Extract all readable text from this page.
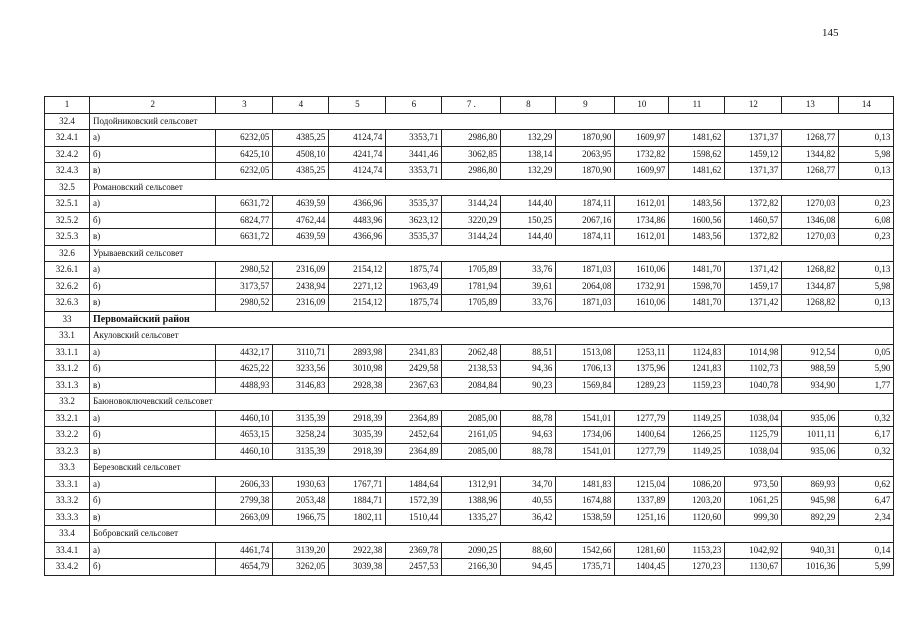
145
1	2	3	4	5	6	7 .	8	9	10	11	12	13	14
32.4	Подойниковский сельсовет												
32.4.1	а)	6232,05	4385,25	4124,74	3353,71	2986,80	132,29	1870,90	1609,97	1481,62	1371,37	1268,77	0,13
32.4.2	б)	6425,10	4508,10	4241,74	3441,46	3062,85	138,14	2063,95	1732,82	1598,62	1459,12	1344,82	5,98
32.4.3	в)	6232,05	4385,25	4124,74	3353,71	2986,80	132,29	1870,90	1609,97	1481,62	1371,37	1268,77	0,13
32.5	Романовский сельсовет												
32.5.1	а)	6631,72	4639,59	4366,96	3535,37	3144,24	144,40	1874,11	1612,01	1483,56	1372,82	1270,03	0,23
32.5.2	б)	6824,77	4762,44	4483,96	3623,12	3220,29	150,25	2067,16	1734,86	1600,56	1460,57	1346,08	6,08
32.5.3	в)	6631,72	4639,59	4366,96	3535,37	3144,24	144,40	1874,11	1612,01	1483,56	1372,82	1270,03	0,23
32.6	Урывaевский сельсовет												
32.6.1	а)	2980,52	2316,09	2154,12	1875,74	1705,89	33,76	1871,03	1610,06	1481,70	1371,42	1268,82	0,13
32.6.2	б)	3173,57	2438,94	2271,12	1963,49	1781,94	39,61	2064,08	1732,91	1598,70	1459,17	1344,87	5,98
32.6.3	в)	2980,52	2316,09	2154,12	1875,74	1705,89	33,76	1871,03	1610,06	1481,70	1371,42	1268,82	0,13
33	Первомайский район												
33.1	Акуловский сельсовет												
33.1.1	а)	4432,17	3110,71	2893,98	2341,83	2062,48	88,51	1513,08	1253,11	1124,83	1014,98	912,54	0,05
33.1.2	б)	4625,22	3233,56	3010,98	2429,58	2138,53	94,36	1706,13	1375,96	1241,83	1102,73	988,59	5,90
33.1.3	в)	4488,93	3146,83	2928,38	2367,63	2084,84	90,23	1569,84	1289,23	1159,23	1040,78	934,90	1,77
33.2	Баюновоключевский сельсовет												
33.2.1	а)	4460,10	3135,39	2918,39	2364,89	2085,00	88,78	1541,01	1277,79	1149,25	1038,04	935,06	0,32
33.2.2	б)	4653,15	3258,24	3035,39	2452,64	2161,05	94,63	1734,06	1400,64	1266,25	1125,79	1011,11	6,17
33.2.3	в)	4460,10	3135,39	2918,39	2364,89	2085,00	88,78	1541,01	1277,79	1149,25	1038,04	935,06	0,32
33.3	Березовский сельсовет												
33.3.1	а)	2606,33	1930,63	1767,71	1484,64	1312,91	34,70	1481,83	1215,04	1086,20	973,50	869,93	0,62
33.3.2	б)	2799,38	2053,48	1884,71	1572,39	1388,96	40,55	1674,88	1337,89	1203,20	1061,25	945,98	6,47
33.3.3	в)	2663,09	1966,75	1802,11	1510,44	1335,27	36,42	1538,59	1251,16	1120,60	999,30	892,29	2,34
33.4	Бобровский сельсовет												
33.4.1	а)	4461,74	3139,20	2922,38	2369,78	2090,25	88,60	1542,66	1281,60	1153,23	1042,92	940,31	0,14
33.4.2	б)	4654,79	3262,05	3039,38	2457,53	2166,30	94,45	1735,71	1404,45	1270,23	1130,67	1016,36	5,99
